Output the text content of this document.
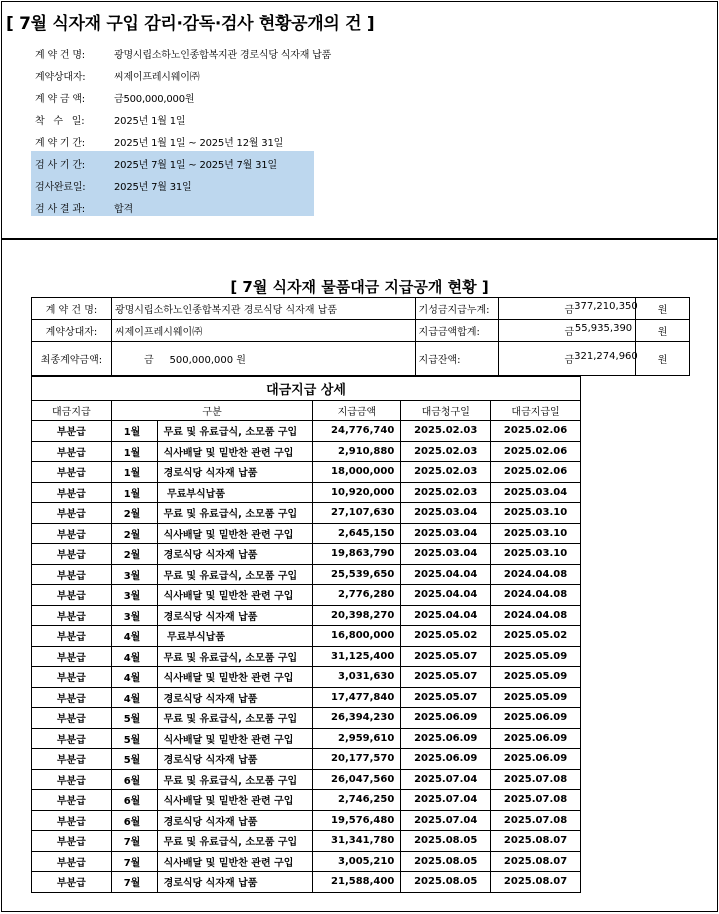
[ 7월 식자재 구입 감리·감독·검사 현황공개의 건 ]
계 약 건 명:	광명시립소하노인종합복지관 경로식당 식자재 납품
계약상대자:	씨제이프레시웨이㈜
계 약 금 액:	금500,000,000원
착   수   일:	2025년 1월 1일
계 약 기 간:	2025년 1월 1일 ~ 2025년 12월 31일
검 사 기 간:	2025년 7월 1일 ~ 2025년 7월 31일
검사완료일:	2025년 7월 31일
검 사 결 과:	합격
[ 7월 식자재 물품대금 지급공개 현황 ]
계 약 건 명:	광명시립소하노인종합복지관 경로식당 식자재 납품	기성금지급누계:	금 377,210,350	원
계약상대자:	씨제이프레시웨이㈜	지급금액합계:	금 55,935,390	원
최종계약금액:	금     500,000,000 원	지급잔액:	금 321,274,960	원
대금지급 상세					
대금지급	구분		지급금액	대금청구일	대금지급일
부분급	1월	무료 및 유료급식, 소모품 구입	24,776,740	2025.02.03	2025.02.06
부분급	1월	식사배달 및 밑반찬 관련 구입	2,910,880	2025.02.03	2025.02.06
부분급	1월	경로식당 식자재 납품	18,000,000	2025.02.03	2025.02.06
부분급	1월	무료부식납품	10,920,000	2025.02.03	2025.03.04
부분급	2월	무료 및 유료급식, 소모품 구입	27,107,630	2025.03.04	2025.03.10
부분급	2월	식사배달 및 밑반찬 관련 구입	2,645,150	2025.03.04	2025.03.10
부분급	2월	경로식당 식자재 납품	19,863,790	2025.03.04	2025.03.10
부분급	3월	무료 및 유료급식, 소모품 구입	25,539,650	2025.04.04	2024.04.08
부분급	3월	식사배달 및 밑반찬 관련 구입	2,776,280	2025.04.04	2024.04.08
부분급	3월	경로식당 식자재 납품	20,398,270	2025.04.04	2024.04.08
부분급	4월	무료부식납품	16,800,000	2025.05.02	2025.05.02
부분급	4월	무료 및 유료급식, 소모품 구입	31,125,400	2025.05.07	2025.05.09
부분급	4월	식사배달 및 밑반찬 관련 구입	3,031,630	2025.05.07	2025.05.09
부분급	4월	경로식당 식자재 납품	17,477,840	2025.05.07	2025.05.09
부분급	5월	무료 및 유료급식, 소모품 구입	26,394,230	2025.06.09	2025.06.09
부분급	5월	식사배달 및 밑반찬 관련 구입	2,959,610	2025.06.09	2025.06.09
부분급	5월	경로식당 식자재 납품	20,177,570	2025.06.09	2025.06.09
부분급	6월	무료 및 유료급식, 소모품 구입	26,047,560	2025.07.04	2025.07.08
부분급	6월	식사배달 및 밑반찬 관련 구입	2,746,250	2025.07.04	2025.07.08
부분급	6월	경로식당 식자재 납품	19,576,480	2025.07.04	2025.07.08
부분급	7월	무료 및 유료급식, 소모품 구입	31,341,780	2025.08.05	2025.08.07
부분급	7월	식사배달 및 밑반찬 관련 구입	3,005,210	2025.08.05	2025.08.07
부분급	7월	경로식당 식자재 납품	21,588,400	2025.08.05	2025.08.07
